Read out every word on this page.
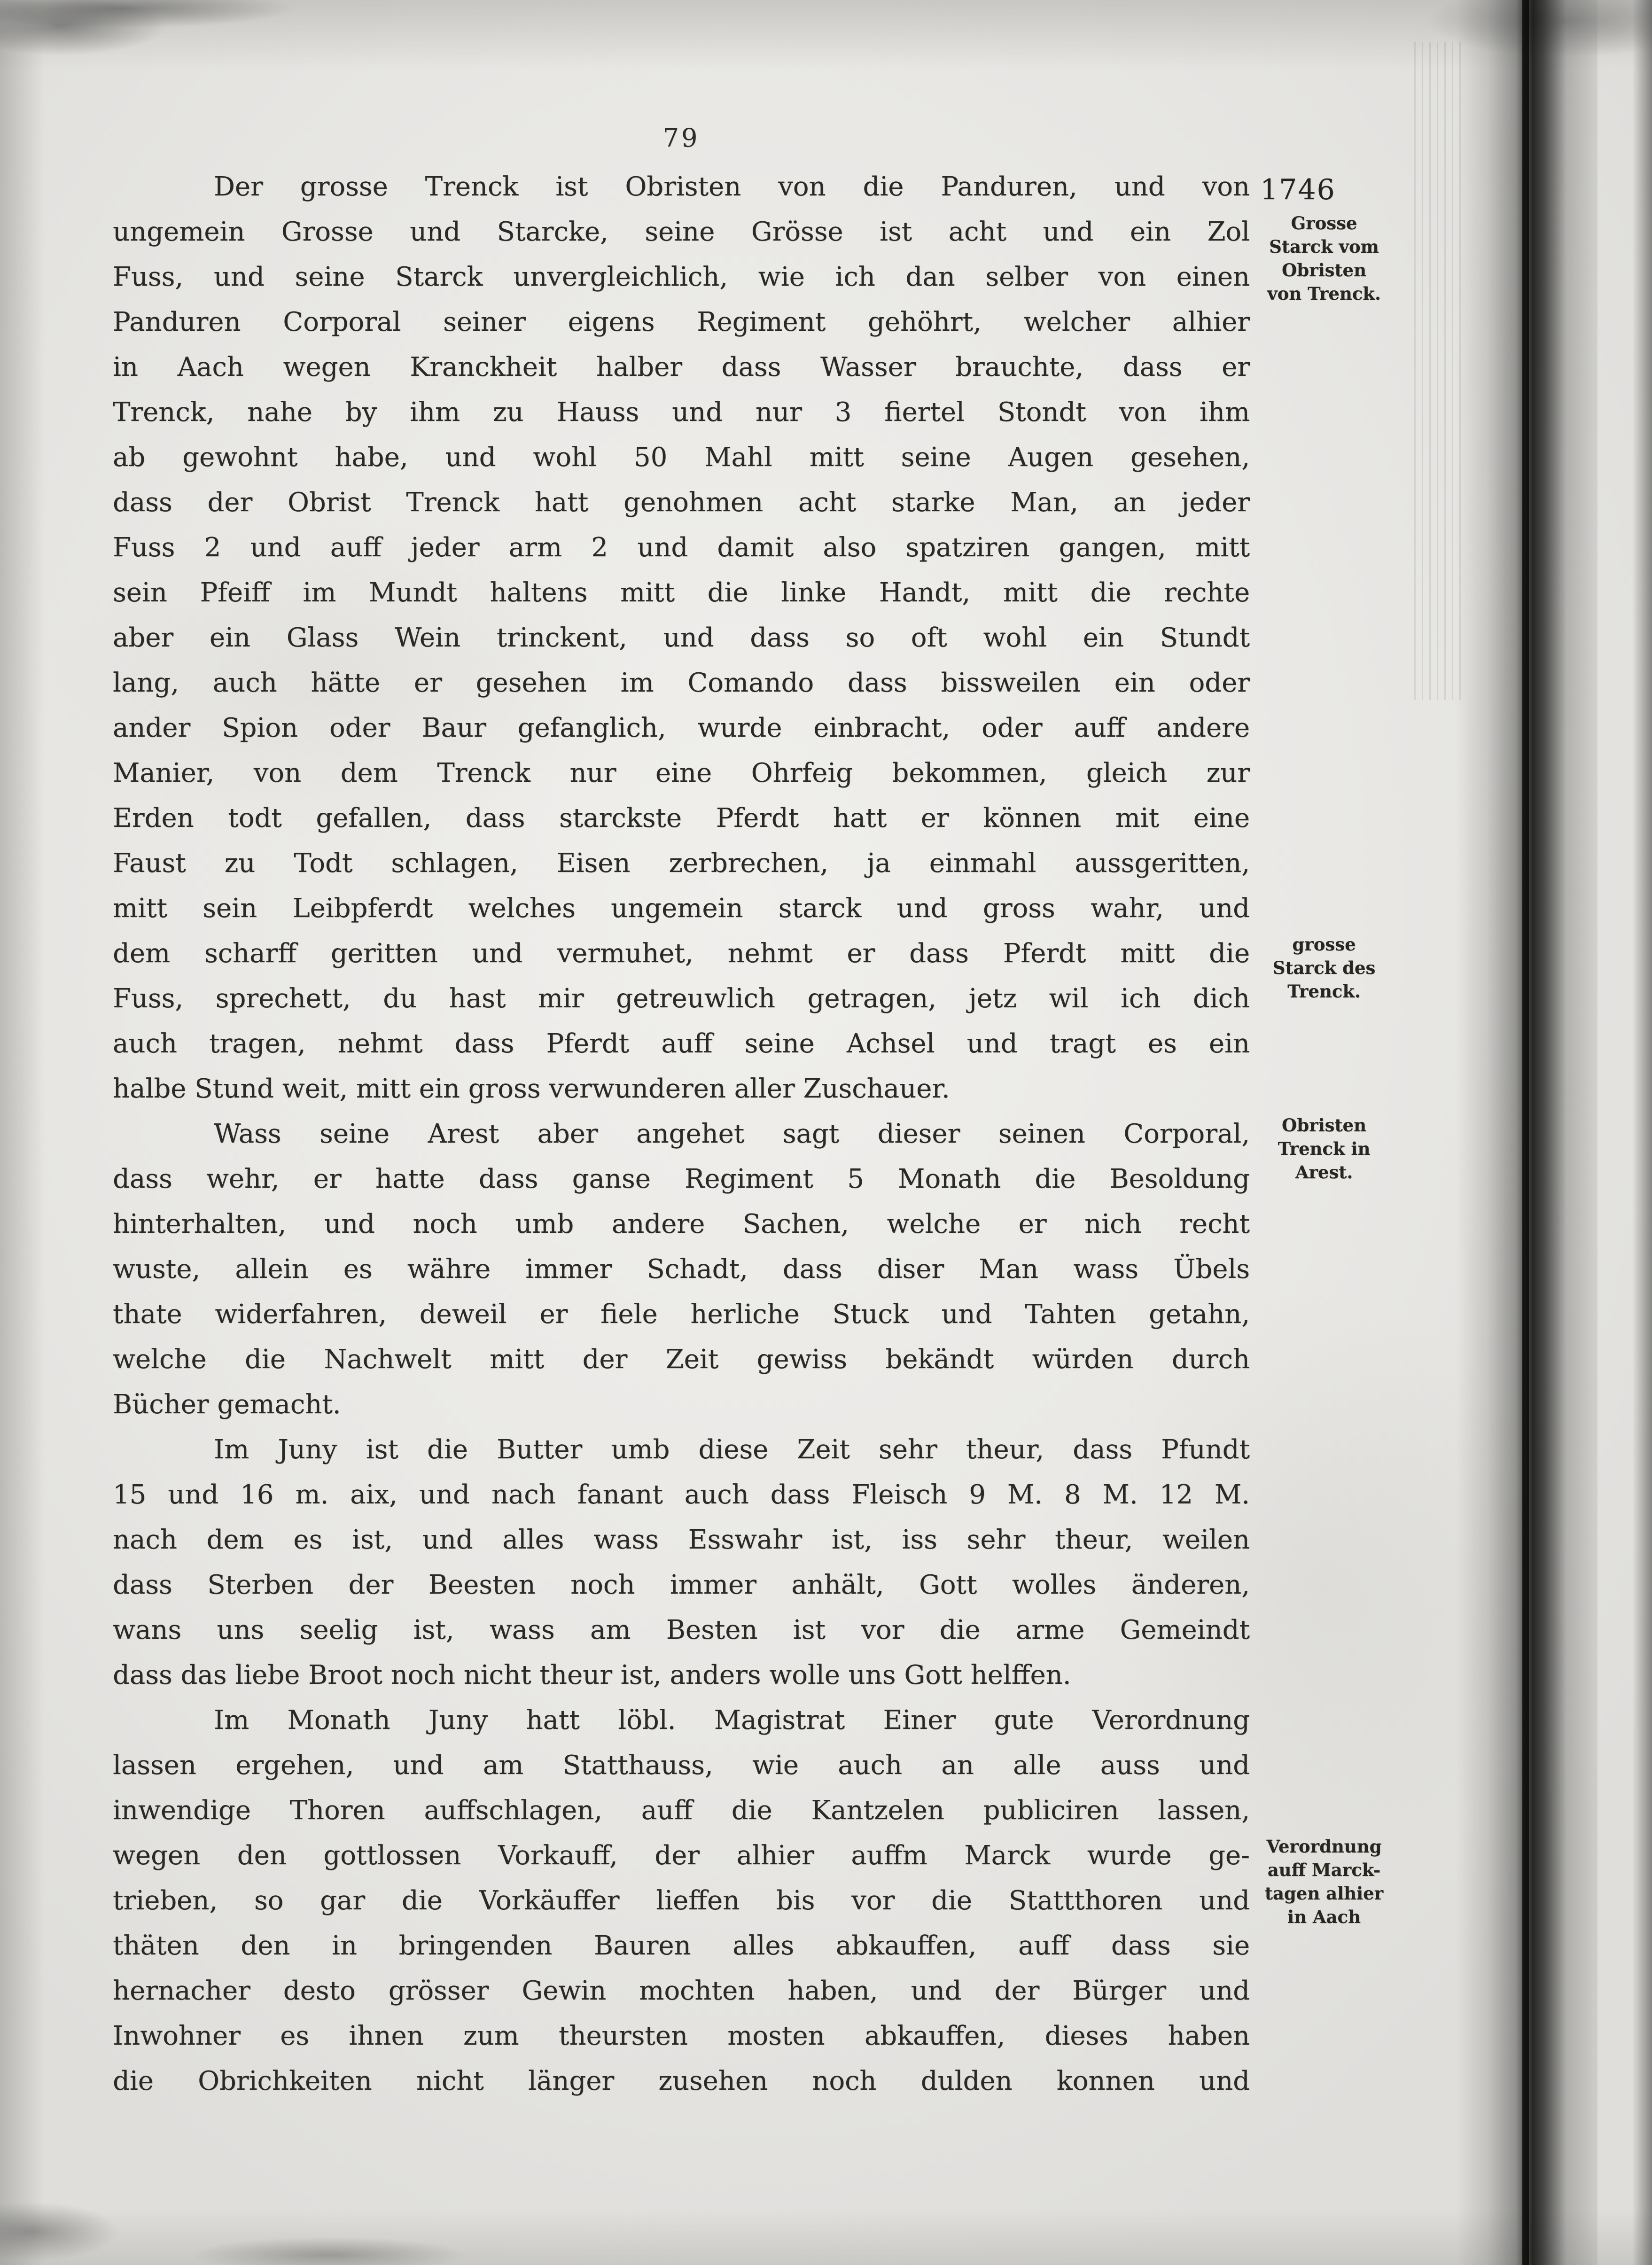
79
Der grosse Trenck ist Obristen von die Panduren, und von 1746
ungemein Grosse und Starcke, seine Grösse ist acht und ein Zol
Fuss, und seine Starck unvergleichlich, wie ich dan selber von einen
Panduren Corporal seiner eigens Regiment gehöhrt, welcher alhier
in Aach wegen Kranckheit halber dass Wasser brauchte, dass er
Trenck, nahe by ihm zu Hauss und nur 3 fiertel Stondt von ihm
ab gewohnt habe, und wohl 50 Mahl mitt seine Augen gesehen,
dass der Obrist Trenck hatt genohmen acht starke Man, an jeder
Fuss 2 und auff jeder arm 2 und damit also spatziren gangen, mitt
sein Pfeiff im Mundt haltens mitt die linke Handt, mitt die rechte
aber ein Glass Wein trinckent, und dass so oft wohl ein Stundt
lang, auch hätte er gesehen im Comando dass bissweilen ein oder
ander Spion oder Baur gefanglich, wurde einbracht, oder auff andere
Manier, von dem Trenck nur eine Ohrfeig bekommen, gleich zur
Erden todt gefallen, dass starckste Pferdt hatt er können mit eine
Faust zu Todt schlagen, Eisen zerbrechen, ja einmahl aussgeritten,
mitt sein Leibpferdt welches ungemein starck und gross wahr, und
dem scharff geritten und vermuhet, nehmt er dass Pferdt mitt die
Fuss, sprechett, du hast mir getreuwlich getragen, jetz wil ich dich
auch tragen, nehmt dass Pferdt auff seine Achsel und tragt es ein
halbe Stund weit, mitt ein gross verwunderen aller Zuschauer.
Wass seine Arest aber angehet sagt dieser seinen Corporal,
dass wehr, er hatte dass ganse Regiment 5 Monath die Besoldung
hinterhalten, und noch umb andere Sachen, welche er nich recht
wuste, allein es währe immer Schadt, dass diser Man wass Übels
thate widerfahren, deweil er fiele herliche Stuck und Tahten getahn,
welche die Nachwelt mitt der Zeit gewiss bekändt würden durch
Bücher gemacht.
Im Juny ist die Butter umb diese Zeit sehr theur, dass Pfundt
15 und 16 m. aix, und nach fanant auch dass Fleisch 9 M. 8 M. 12 M.
nach dem es ist, und alles wass Esswahr ist, iss sehr theur, weilen
dass Sterben der Beesten noch immer anhält, Gott wolles änderen,
wans uns seelig ist, wass am Besten ist vor die arme Gemeindt
dass das liebe Broot noch nicht theur ist, anders wolle uns Gott helffen.
Im Monath Juny hatt löbl. Magistrat Einer gute Verordnung
lassen ergehen, und am Statthauss, wie auch an alle auss und
inwendige Thoren auffschlagen, auff die Kantzelen publiciren lassen,
wegen den gottlossen Vorkauff, der alhier auffm Marck wurde ge-
trieben, so gar die Vorkäuffer lieffen bis vor die Stattthoren und
thäten den in bringenden Bauren alles abkauffen, auff dass sie
hernacher desto grösser Gewin mochten haben, und der Bürger und
Inwohner es ihnen zum theursten mosten abkauffen, dieses haben
die Obrichkeiten nicht länger zusehen noch dulden konnen und
Grosse
Starck vom
Obristen
von Trenck.
grosse
Starck des
Trenck.
Obristen
Trenck in
Arest.
Verordnung
auff Marck-
tagen alhier
in Aach
